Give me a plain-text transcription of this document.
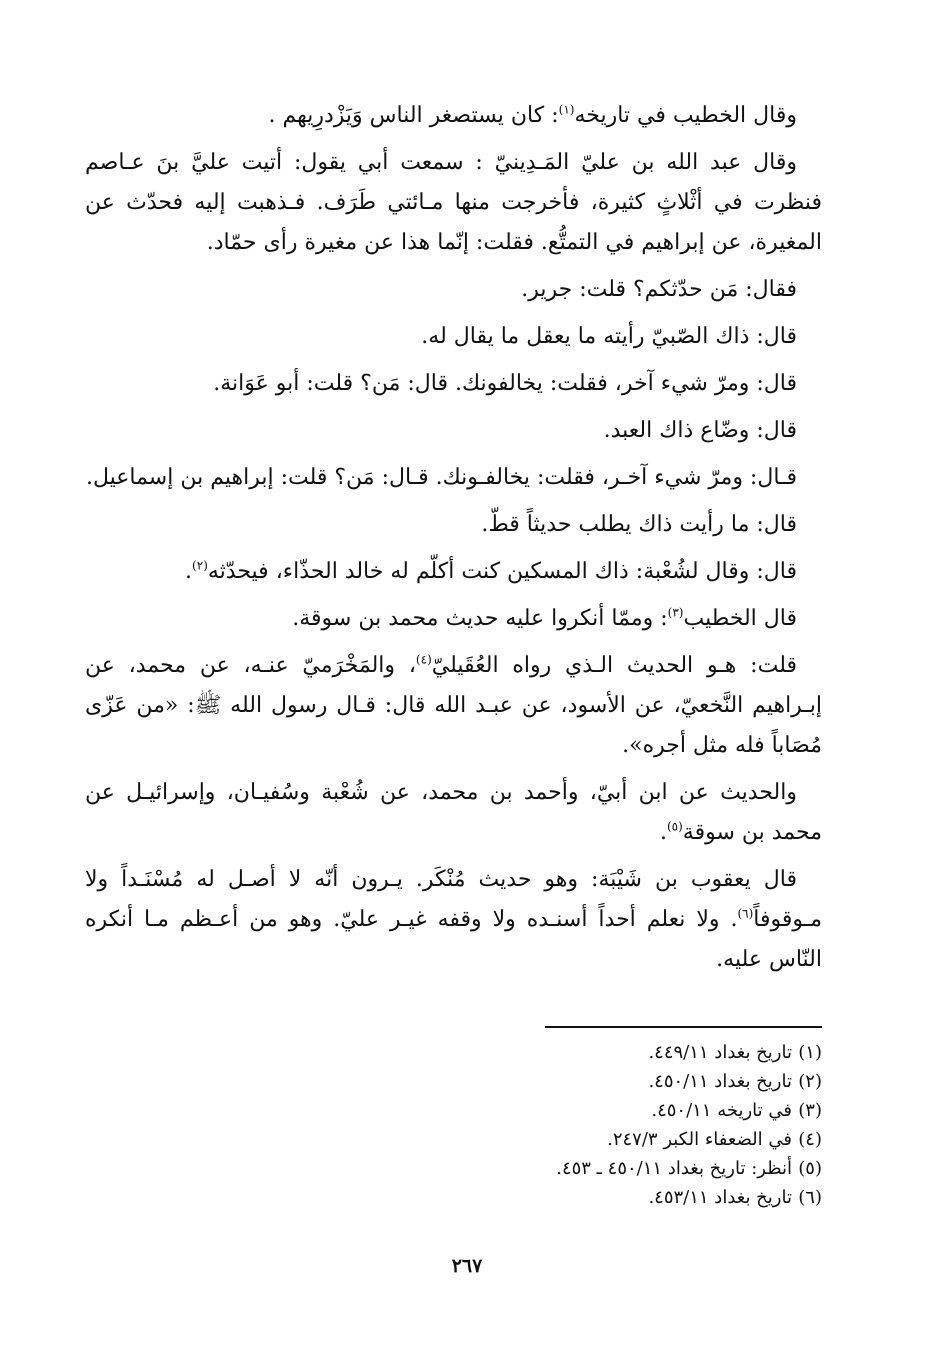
وقال الخطيب في تاريخه$^{(١)}$: كان يستصغر الناس وَيَزْدرِيهم .

وقال عبد الله بن عليّ المَـدِينيّ : سمعت أبي يقول: أتيت عليَّ بنَ عـاصم فنظرت في أثْلاثٍ كثيرة، فأخرجت منها مـائتي طَرَف. فـذهبت إليه فحدّث عن المغيرة، عن إبراهيم في التمتُّع. فقلت: إنّما هذا عن مغيرة رأى حمّاد.

فقال: مَن حدّثكم؟ قلت: جرير.

قال: ذاك الصّبيّ رأيته ما يعقل ما يقال له.

قال: ومرّ شيء آخر، فقلت: يخالفونك. قال: مَن؟ قلت: أبو عَوَانة.

قال: وضّاع ذاك العبد.

قـال: ومرّ شيء آخـر، فقلت: يخالفـونك. قـال: مَن؟ قلت: إبراهيم بن إسماعيل.

قال: ما رأيت ذاك يطلب حديثاً قطّ.

قال: وقال لشُعْبة: ذاك المسكين كنت أكلّم له خالد الحذّاء، فيحدّثه$^{(٢)}$.

قال الخطيب$^{(٣)}$: وممّا أنكروا عليه حديث محمد بن سوقة.

قلت: هـو الحديث الـذي رواه العُقَيليّ$^{(٤)}$، والمَخْرَميّ عنـه، عن محمد، عن إبـراهيم النَّخعيّ، عن الأسود، عن عبـد الله قال: قـال رسول الله ﷺ: «من عَزّى مُصَاباً فله مثل أجره».

والحديث عن ابن أبيّ، وأحمد بن محمد، عن شُعْبة وسُفيـان، وإسرائيـل عن محمد بن سوقة$^{(٥)}$.

قال يعقوب بن شَيْبَة: وهو حديث مُنْكَر. يـرون أنّه لا أصـل له مُسْنَـداً ولا مـوقوفاً$^{(٦)}$. ولا نعلم أحداً أسنـده ولا وقفه غيـر عليّ. وهو من أعـظم مـا أنكره النّاس عليه.

(١)تاريخ بغداد ٤٤٩/١١.
(٢)تاريخ بغداد ٤٥٠/١١.
(٣)في تاريخه ٤٥٠/١١.
(٤)في الضعفاء الكبر ٢٤٧/٣.
(٥)أنظر: تاريخ بغداد ٤٥٠/١١ ـ ٤٥٣.
(٦)تاريخ بغداد ٤٥٣/١١.
٢٦٧
